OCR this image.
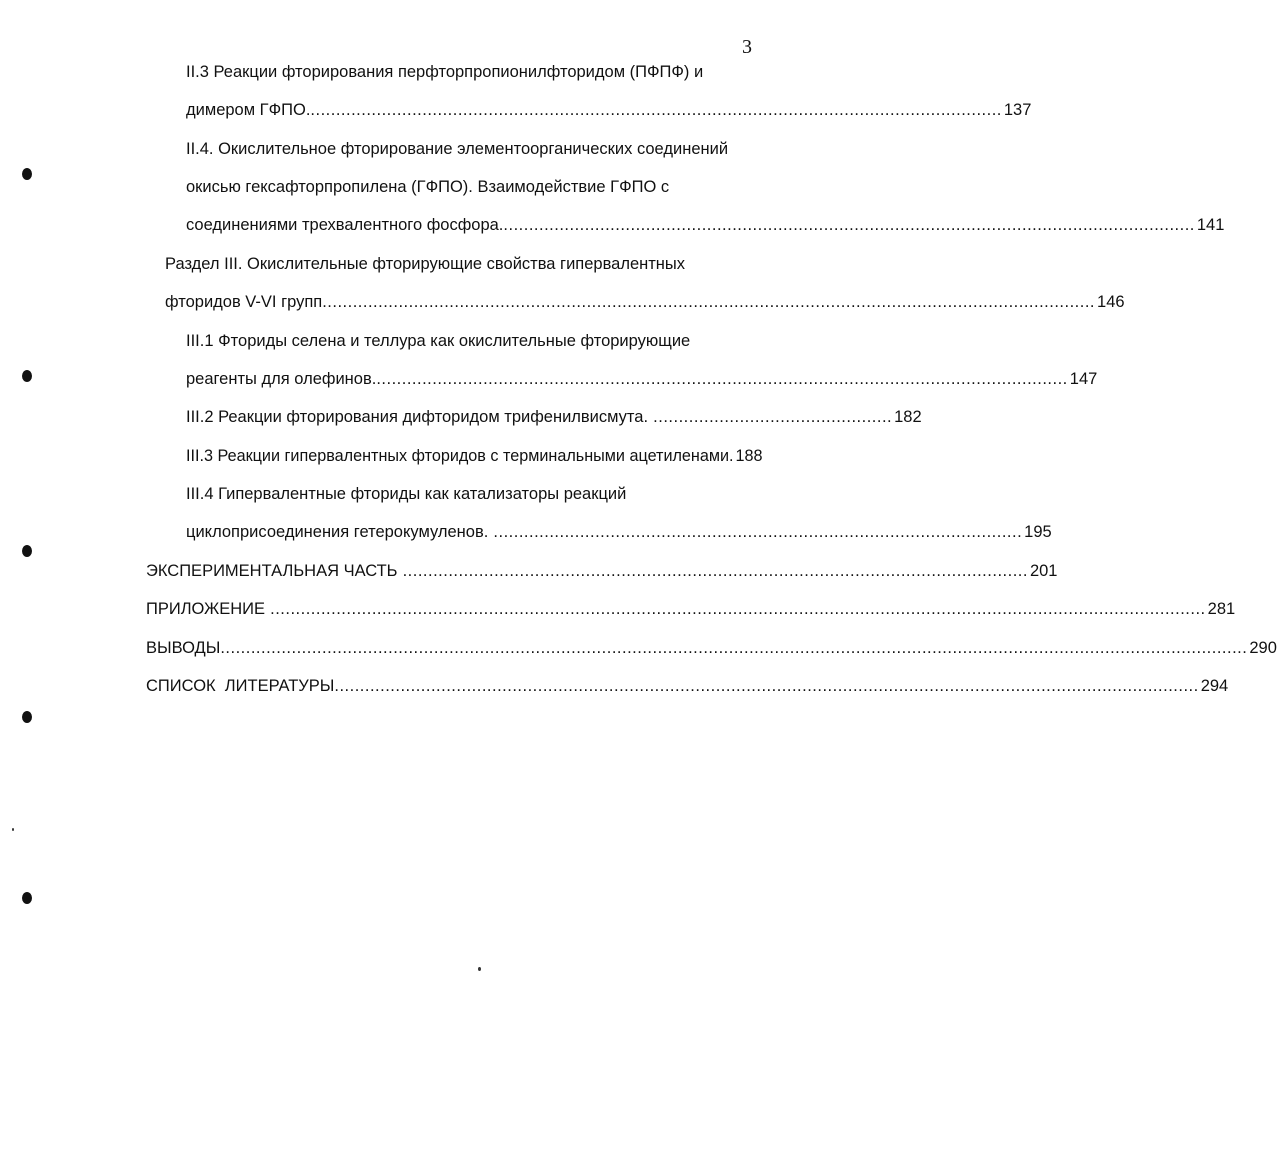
3
II.3 Реакции фторирования перфторпропионилфторидом (ПФПФ) и
димером ГФПО. ........................................................................................................................................ 137
II.4. Окислительное фторирование элементоорганических соединений
окисью гексафторпропилена (ГФПО). Взаимодействие ГФПО с
соединениями трехвалентного фосфора. ........................................................................................................................................ 141
Раздел III. Окислительные фторирующие свойства гипервалентных
фторидов V-VI групп ........................................................................................................................................................ 146
III.1 Фториды селена и теллура как окислительные фторирующие
реагенты для олефинов. ........................................................................................................................................ 147
III.2 Реакции фторирования дифторидом трифенилвисмута. ............................................... 182
III.3 Реакции гипервалентных фторидов с терминальными ацетиленами. 188
III.4 Гипервалентные фториды как катализаторы реакций
циклоприсоединения гетерокумуленов. ........................................................................................................ 195
ЭКСПЕРИМЕНТАЛЬНАЯ ЧАСТЬ ........................................................................................................................... 201
ПРИЛОЖЕНИЕ ........................................................................................................................................................................................ 281
ВЫВОДЫ .......................................................................................................................................................................................................... 290
СПИСОК  ЛИТЕРАТУРЫ .......................................................................................................................................................................... 294
